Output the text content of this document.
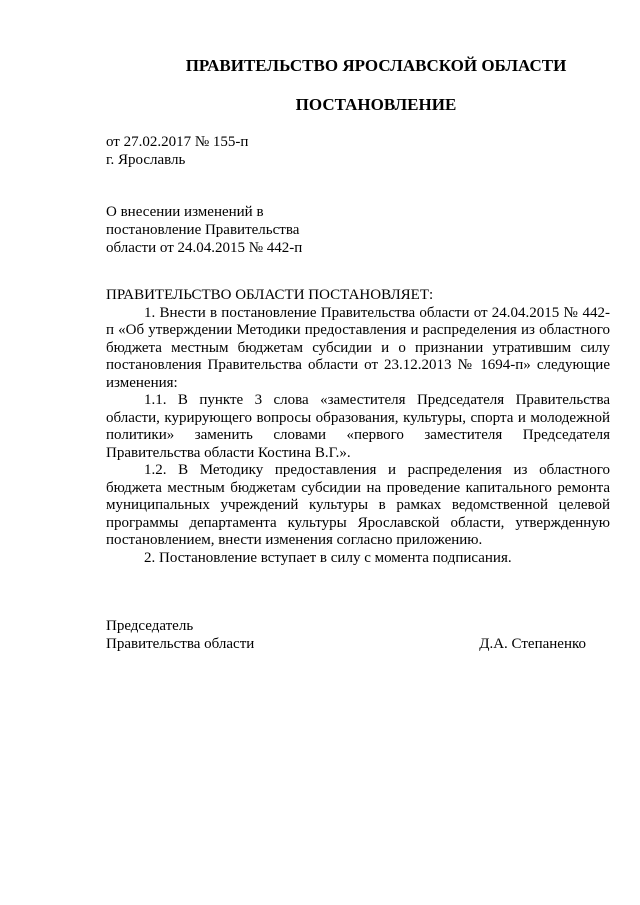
ПРАВИТЕЛЬСТВО ЯРОСЛАВСКОЙ ОБЛАСТИ
ПОСТАНОВЛЕНИЕ
от 27.02.2017 № 155-п
г. Ярославль
О внесении изменений в
постановление Правительства
области от 24.04.2015 № 442-п
ПРАВИТЕЛЬСТВО ОБЛАСТИ ПОСТАНОВЛЯЕТ:

1. Внести в постановление Правительства области от 24.04.2015 № 442-п «Об утверждении Методики предоставления и распределения из областного бюджета местным бюджетам субсидии и о признании утратившим силу постановления Правительства области от 23.12.2013 № 1694-п» следующие изменения:

1.1. В пункте 3 слова «заместителя Председателя Правительства области, курирующего вопросы образования, культуры, спорта и молодежной политики» заменить словами «первого заместителя Председателя Правительства области Костина В.Г.».

1.2. В Методику предоставления и распределения из областного бюджета местным бюджетам субсидии на проведение капитального ремонта муниципальных учреждений культуры в рамках ведомственной целевой программы департамента культуры Ярославской области, утвержденную постановлением, внести изменения согласно приложению.

2. Постановление вступает в силу с момента подписания.

Председатель
Правительства области	Д.А. Степаненко
